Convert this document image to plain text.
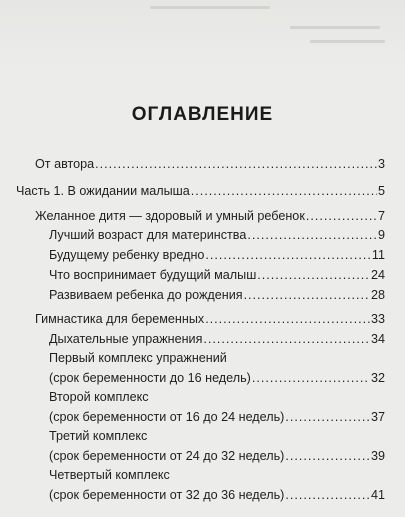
ОГЛАВЛЕНИЕ
От автора .....	3
Часть 1. В ожидании малыша .....	5
Желанное дитя — здоровый и умный ребенок .....	7
Лучший возраст для материнства .....	9
Будущему ребенку вредно .....	11
Что воспринимает будущий малыш .....	24
Развиваем ребенка до рождения .....	28
Гимнастика для беременных .....	33
Дыхательные упражнения .....	34
Первый комплекс упражнений
(срок беременности до 16 недель) .....	32
Второй комплекс
(срок беременности от 16 до 24 недель) .....	37
Третий комплекс
(срок беременности от 24 до 32 недель) .....	39
Четвертый комплекс
(срок беременности от 32 до 36 недель) .....	41
